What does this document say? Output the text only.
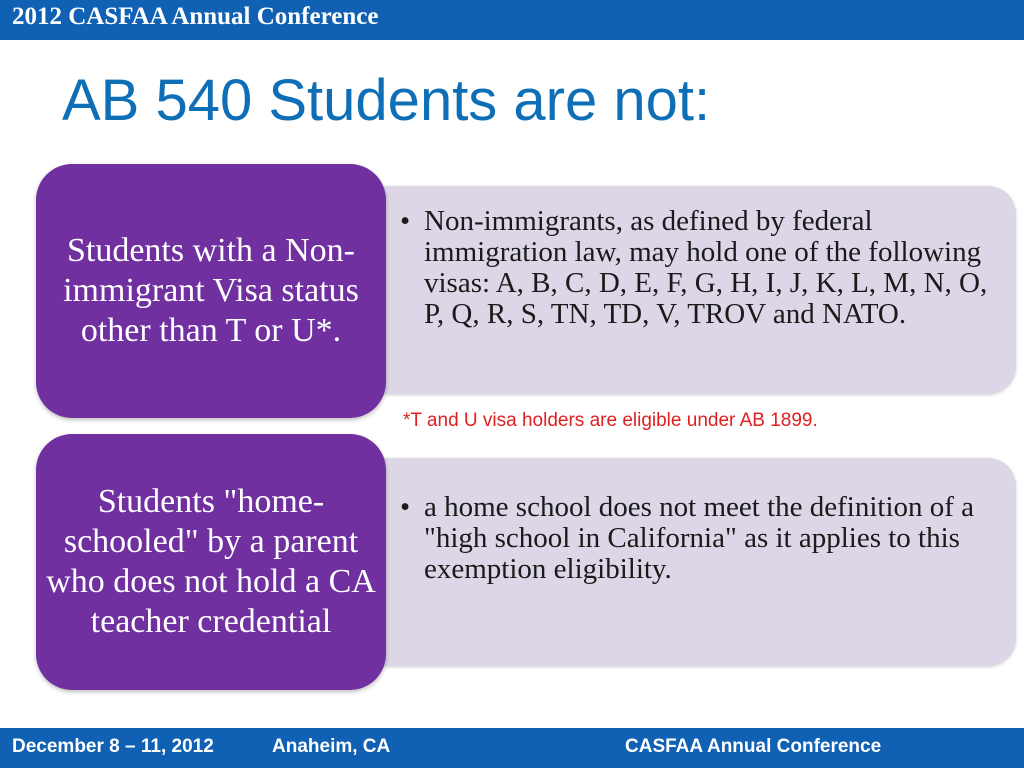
2012 CASFAA Annual Conference
AB 540 Students are not:
• Non-immigrants, as defined by federal immigration law, may hold one of the following visas: A, B, C, D, E, F, G, H, I, J, K, L, M, N, O, P, Q, R, S, TN, TD, V, TROV and NATO.
Students with a Non-immigrant Visa status other than T or U*.
*T and U visa holders are eligible under AB 1899.
• a home school does not meet the definition of a "high school in California" as it applies to this exemption eligibility.
Students "home-schooled" by a parent who does not hold a CA teacher credential
December 8 – 11, 2012	Anaheim, CA	CASFAA Annual Conference
